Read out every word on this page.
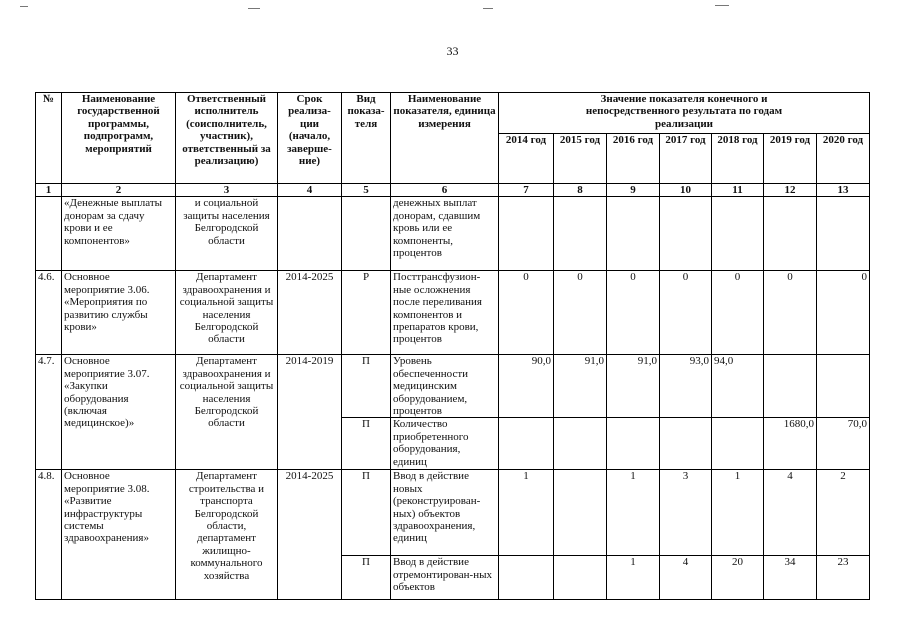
33
№	Наименование государственной программы, подпрограмм, мероприятий	Ответственный исполнитель (соисполнитель, участник), ответственный за реализацию)	Срок реализа-ции (начало, заверше-ние)	Вид показа-теля	Наименование показателя, единица измерения	Значение показателя конечного и непосредственного результата по годам реализации						
						2014 год	2015 год	2016 год	2017 год	2018 год	2019 год	2020 год
1	2	3	4	5	6	7	8	9	10	11	12	13
	«Денежные выплаты донорам за сдачу крови и ее компонентов»	и социальной защиты населения Белгородской области			денежных выплат донорам, сдавшим кровь или ее компоненты, процентов							
4.6.	Основное мероприятие 3.06. «Мероприятия по развитию службы крови»	Департамент здравоохранения и социальной защиты населения Белгородской области	2014-2025	Р	Посттрансфузион-ные осложнения после переливания компонентов и препаратов крови, процентов	0	0	0	0	0	0	0
4.7.	Основное мероприятие 3.07. «Закупки оборудования (включая медицинское)»	Департамент здравоохранения и социальной защиты населения Белгородской области	2014-2019	П	Уровень обеспеченности медицинским оборудованием, процентов	90,0	91,0	91,0	93,0	94,0		
				П	Количество приобретенного оборудования, единиц						1680,0	70,0
4.8.	Основное мероприятие 3.08. «Развитие инфраструктуры системы здравоохранения»	Департамент строительства и транспорта Белгородской области, департамент жилищно-коммунального хозяйства	2014-2025	П	Ввод в действие новых (реконструирован-ных) объектов здравоохранения, единиц	1		1	3	1	4	2
				П	Ввод в действие отремонтирован-ных объектов			1	4	20	34	23
